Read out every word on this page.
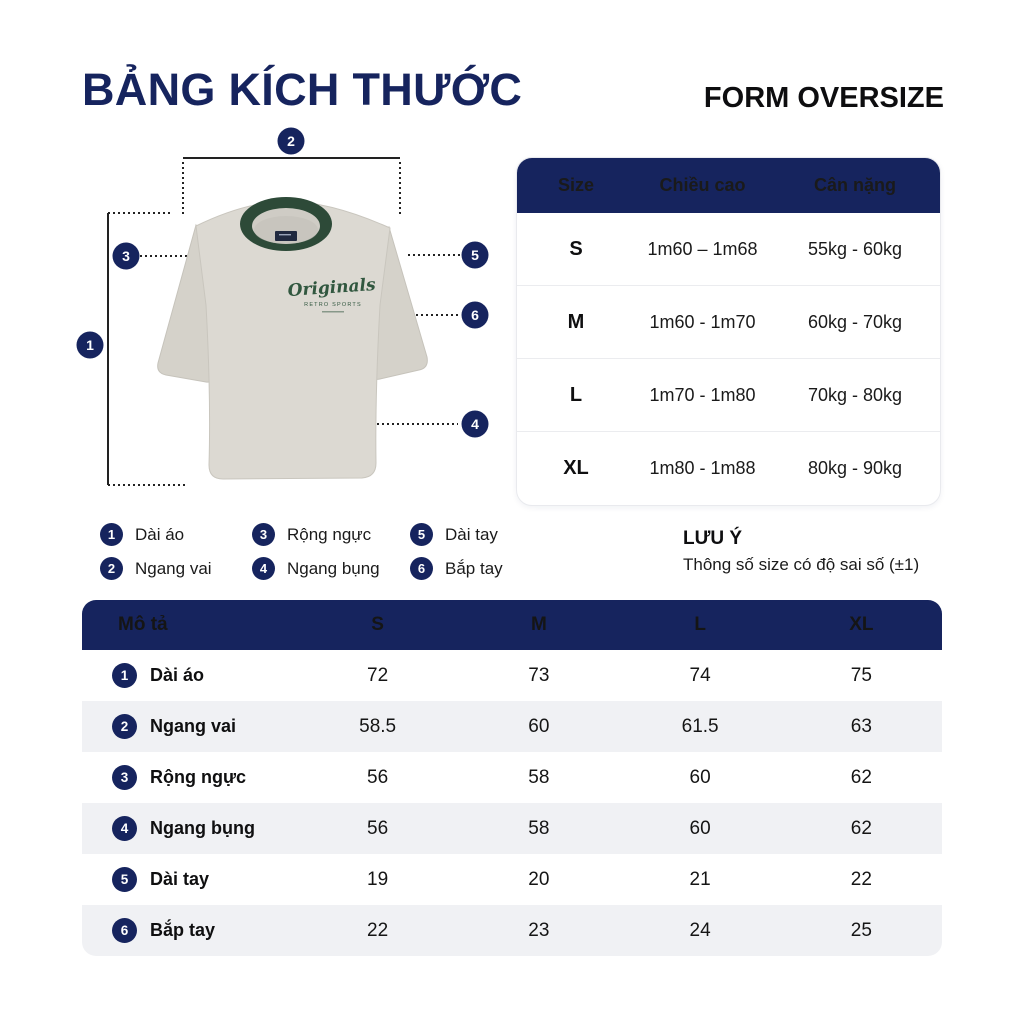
BẢNG KÍCH THƯỚC	FORM OVERSIZE
Originals
RETRO SPORTS
2
3
1
5
6
4
Size	Chiều cao	Cân nặng
S	1m60 – 1m68	55kg - 60kg
M	1m60 - 1m70	60kg - 70kg
L	1m70 - 1m80	70kg - 80kg
XL	1m80 - 1m88	80kg - 90kg
1	Dài áo
2	Ngang vai
3	Rộng ngực
4	Ngang bụng
5	Dài tay
6	Bắp tay
LƯU Ý
Thông số size có độ sai số (±1)
Mô tả	S	M	L	XL
1	Dài áo	72	73	74	75
2	Ngang vai	58.5	60	61.5	63
3	Rộng ngực	56	58	60	62
4	Ngang bụng	56	58	60	62
5	Dài tay	19	20	21	22
6	Bắp tay	22	23	24	25
